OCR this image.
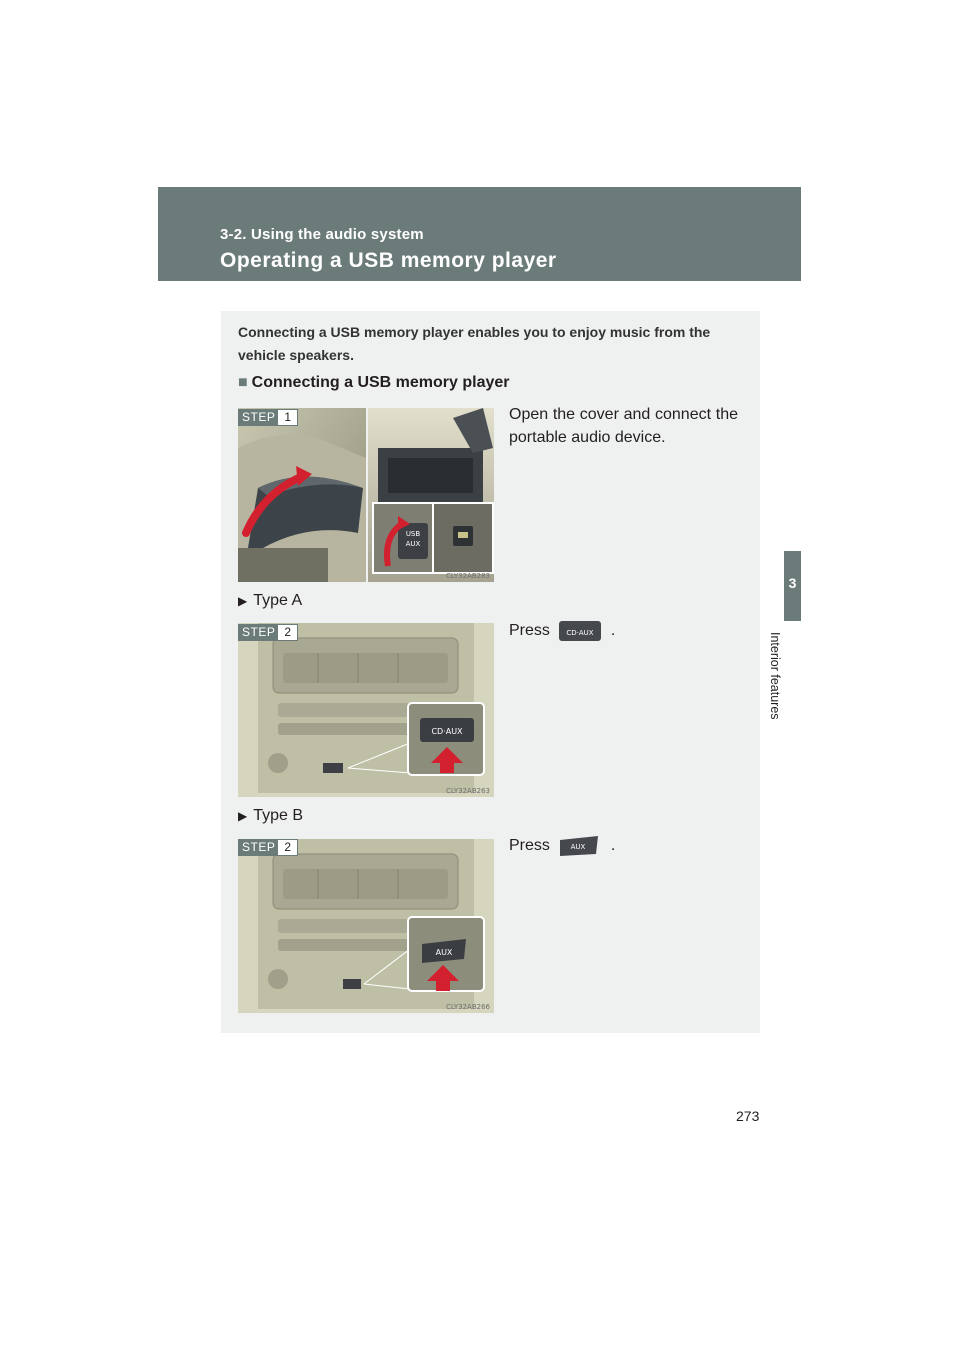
3-2. Using the audio system
Operating a USB memory player
3
Interior features
Connecting a USB memory player enables you to enjoy music from the vehicle speakers.
■ Connecting a USB memory player
STEP 1
USB
AUX
CLY32AB283
Open the cover and connect the portable audio device.
▶ Type A
STEP 2
CD·AUX
CLY32AB263
Press CD·AUX .
▶ Type B
STEP 2
AUX
CLY32AB266
Press	AUX .
273
